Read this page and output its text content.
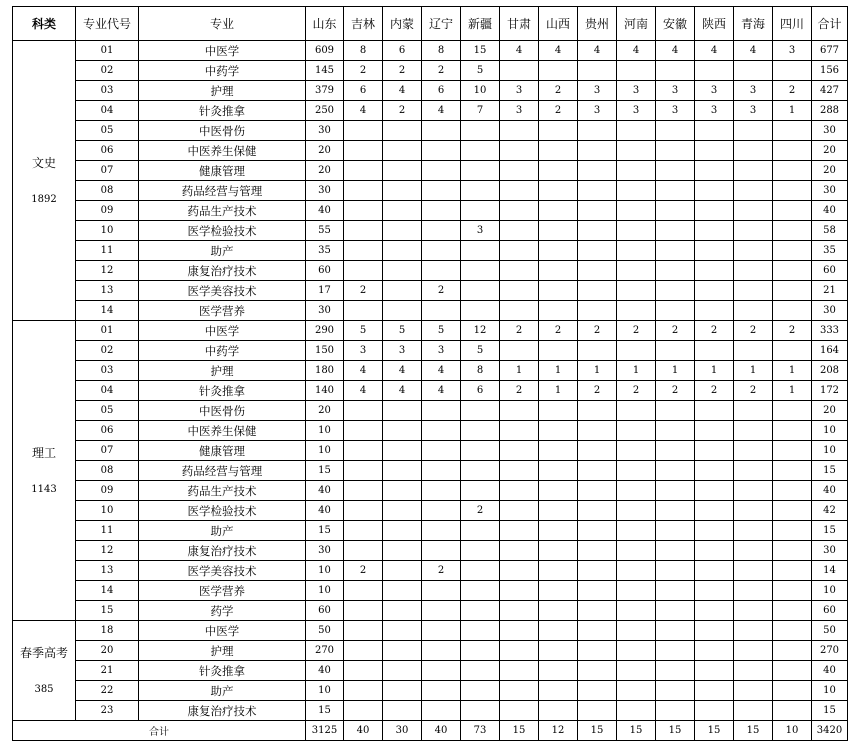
科类	专业代号	专业	山东	吉林	内蒙	辽宁	新疆	甘肃	山西	贵州	河南	安徽	陕西	青海	四川	合计

文史
1892	01	中医学	609	8	6	8	15	4	4	4	4	4	4	4	3	677
	02	中药学	145	2	2	2	5									156
	03	护理	379	6	4	6	10	3	2	3	3	3	3	3	2	427
	04	针灸推拿	250	4	2	4	7	3	2	3	3	3	3	3	1	288
	05	中医骨伤	30													30
	06	中医养生保健	20													20
	07	健康管理	20													20
	08	药品经营与管理	30													30
	09	药品生产技术	40													40
	10	医学检验技术	55				3									58
	11	助产	35													35
	12	康复治疗技术	60													60
	13	医学美容技术	17	2		2										21
	14	医学营养	30													30

理工
1143	01	中医学	290	5	5	5	12	2	2	2	2	2	2	2	2	333
	02	中药学	150	3	3	3	5									164
	03	护理	180	4	4	4	8	1	1	1	1	1	1	1	1	208
	04	针灸推拿	140	4	4	4	6	2	1	2	2	2	2	2	1	172
	05	中医骨伤	20													20
	06	中医养生保健	10													10
	07	健康管理	10													10
	08	药品经营与管理	15													15
	09	药品生产技术	40													40
	10	医学检验技术	40				2									42
	11	助产	15													15
	12	康复治疗技术	30													30
	13	医学美容技术	10	2		2										14
	14	医学营养	10													10
	15	药学	60													60

春季高考
385	18	中医学	50													50
	20	护理	270													270
	21	针灸推拿	40													40
	22	助产	10													10
	23	康复治疗技术	15													15
合计			3125	40	30	40	73	15	12	15	15	15	15	15	10	3420
